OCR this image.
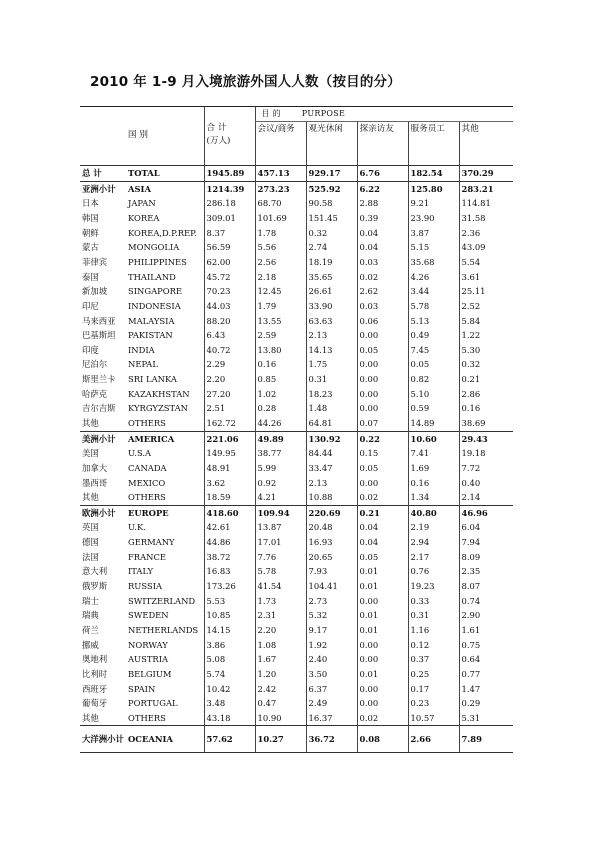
2010 年 1-9 月入境旅游外国人人数（按目的分）

			目 的 PURPOSE				
国 别		合 计
(万人)	会议/商务	观光休闲	探亲访友	服务员工	其他

总 计	TOTAL	1945.89	457.13	929.17	6.76	182.54	370.29
亚洲小计	ASIA	1214.39	273.23	525.92	6.22	125.80	283.21
日本	JAPAN	286.18	68.70	90.58	2.88	9.21	114.81
韩国	KOREA	309.01	101.69	151.45	0.39	23.90	31.58
朝鲜	KOREA,D.P.REP.	8.37	1.78	0.32	0.04	3.87	2.36
蒙古	MONGOLIA	56.59	5.56	2.74	0.04	5.15	43.09
菲律宾	PHILIPPINES	62.00	2.56	18.19	0.03	35.68	5.54
泰国	THAILAND	45.72	2.18	35.65	0.02	4.26	3.61
新加坡	SINGAPORE	70.23	12.45	26.61	2.62	3.44	25.11
印尼	INDONESIA	44.03	1.79	33.90	0.03	5.78	2.52
马来西亚	MALAYSIA	88.20	13.55	63.63	0.06	5.13	5.84
巴基斯坦	PAKISTAN	6.43	2.59	2.13	0.00	0.49	1.22
印度	INDIA	40.72	13.80	14.13	0.05	7.45	5.30
尼泊尔	NEPAL	2.29	0.16	1.75	0.00	0.05	0.32
斯里兰卡	SRI LANKA	2.20	0.85	0.31	0.00	0.82	0.21
哈萨克	KAZAKHSTAN	27.20	1.02	18.23	0.00	5.10	2.86
吉尔吉斯	KYRGYZSTAN	2.51	0.28	1.48	0.00	0.59	0.16
其他	OTHERS	162.72	44.26	64.81	0.07	14.89	38.69
美洲小计	AMERICA	221.06	49.89	130.92	0.22	10.60	29.43
美国	U.S.A	149.95	38.77	84.44	0.15	7.41	19.18
加拿大	CANADA	48.91	5.99	33.47	0.05	1.69	7.72
墨西哥	MEXICO	3.62	0.92	2.13	0.00	0.16	0.40
其他	OTHERS	18.59	4.21	10.88	0.02	1.34	2.14
欧洲小计	EUROPE	418.60	109.94	220.69	0.21	40.80	46.96
英国	U.K.	42.61	13.87	20.48	0.04	2.19	6.04
德国	GERMANY	44.86	17.01	16.93	0.04	2.94	7.94
法国	FRANCE	38.72	7.76	20.65	0.05	2.17	8.09
意大利	ITALY	16.83	5.78	7.93	0.01	0.76	2.35
俄罗斯	RUSSIA	173.26	41.54	104.41	0.01	19.23	8.07
瑞士	SWITZERLAND	5.53	1.73	2.73	0.00	0.33	0.74
瑞典	SWEDEN	10.85	2.31	5.32	0.01	0.31	2.90
荷兰	NETHERLANDS	14.15	2.20	9.17	0.01	1.16	1.61
挪威	NORWAY	3.86	1.08	1.92	0.00	0.12	0.75
奥地利	AUSTRIA	5.08	1.67	2.40	0.00	0.37	0.64
比利时	BELGIUM	5.74	1.20	3.50	0.01	0.25	0.77
西班牙	SPAIN	10.42	2.42	6.37	0.00	0.17	1.47
葡萄牙	PORTUGAL	3.48	0.47	2.49	0.00	0.23	0.29
其他	OTHERS	43.18	10.90	16.37	0.02	10.57	5.31
大洋洲小计	OCEANIA	57.62	10.27	36.72	0.08	2.66	7.89
